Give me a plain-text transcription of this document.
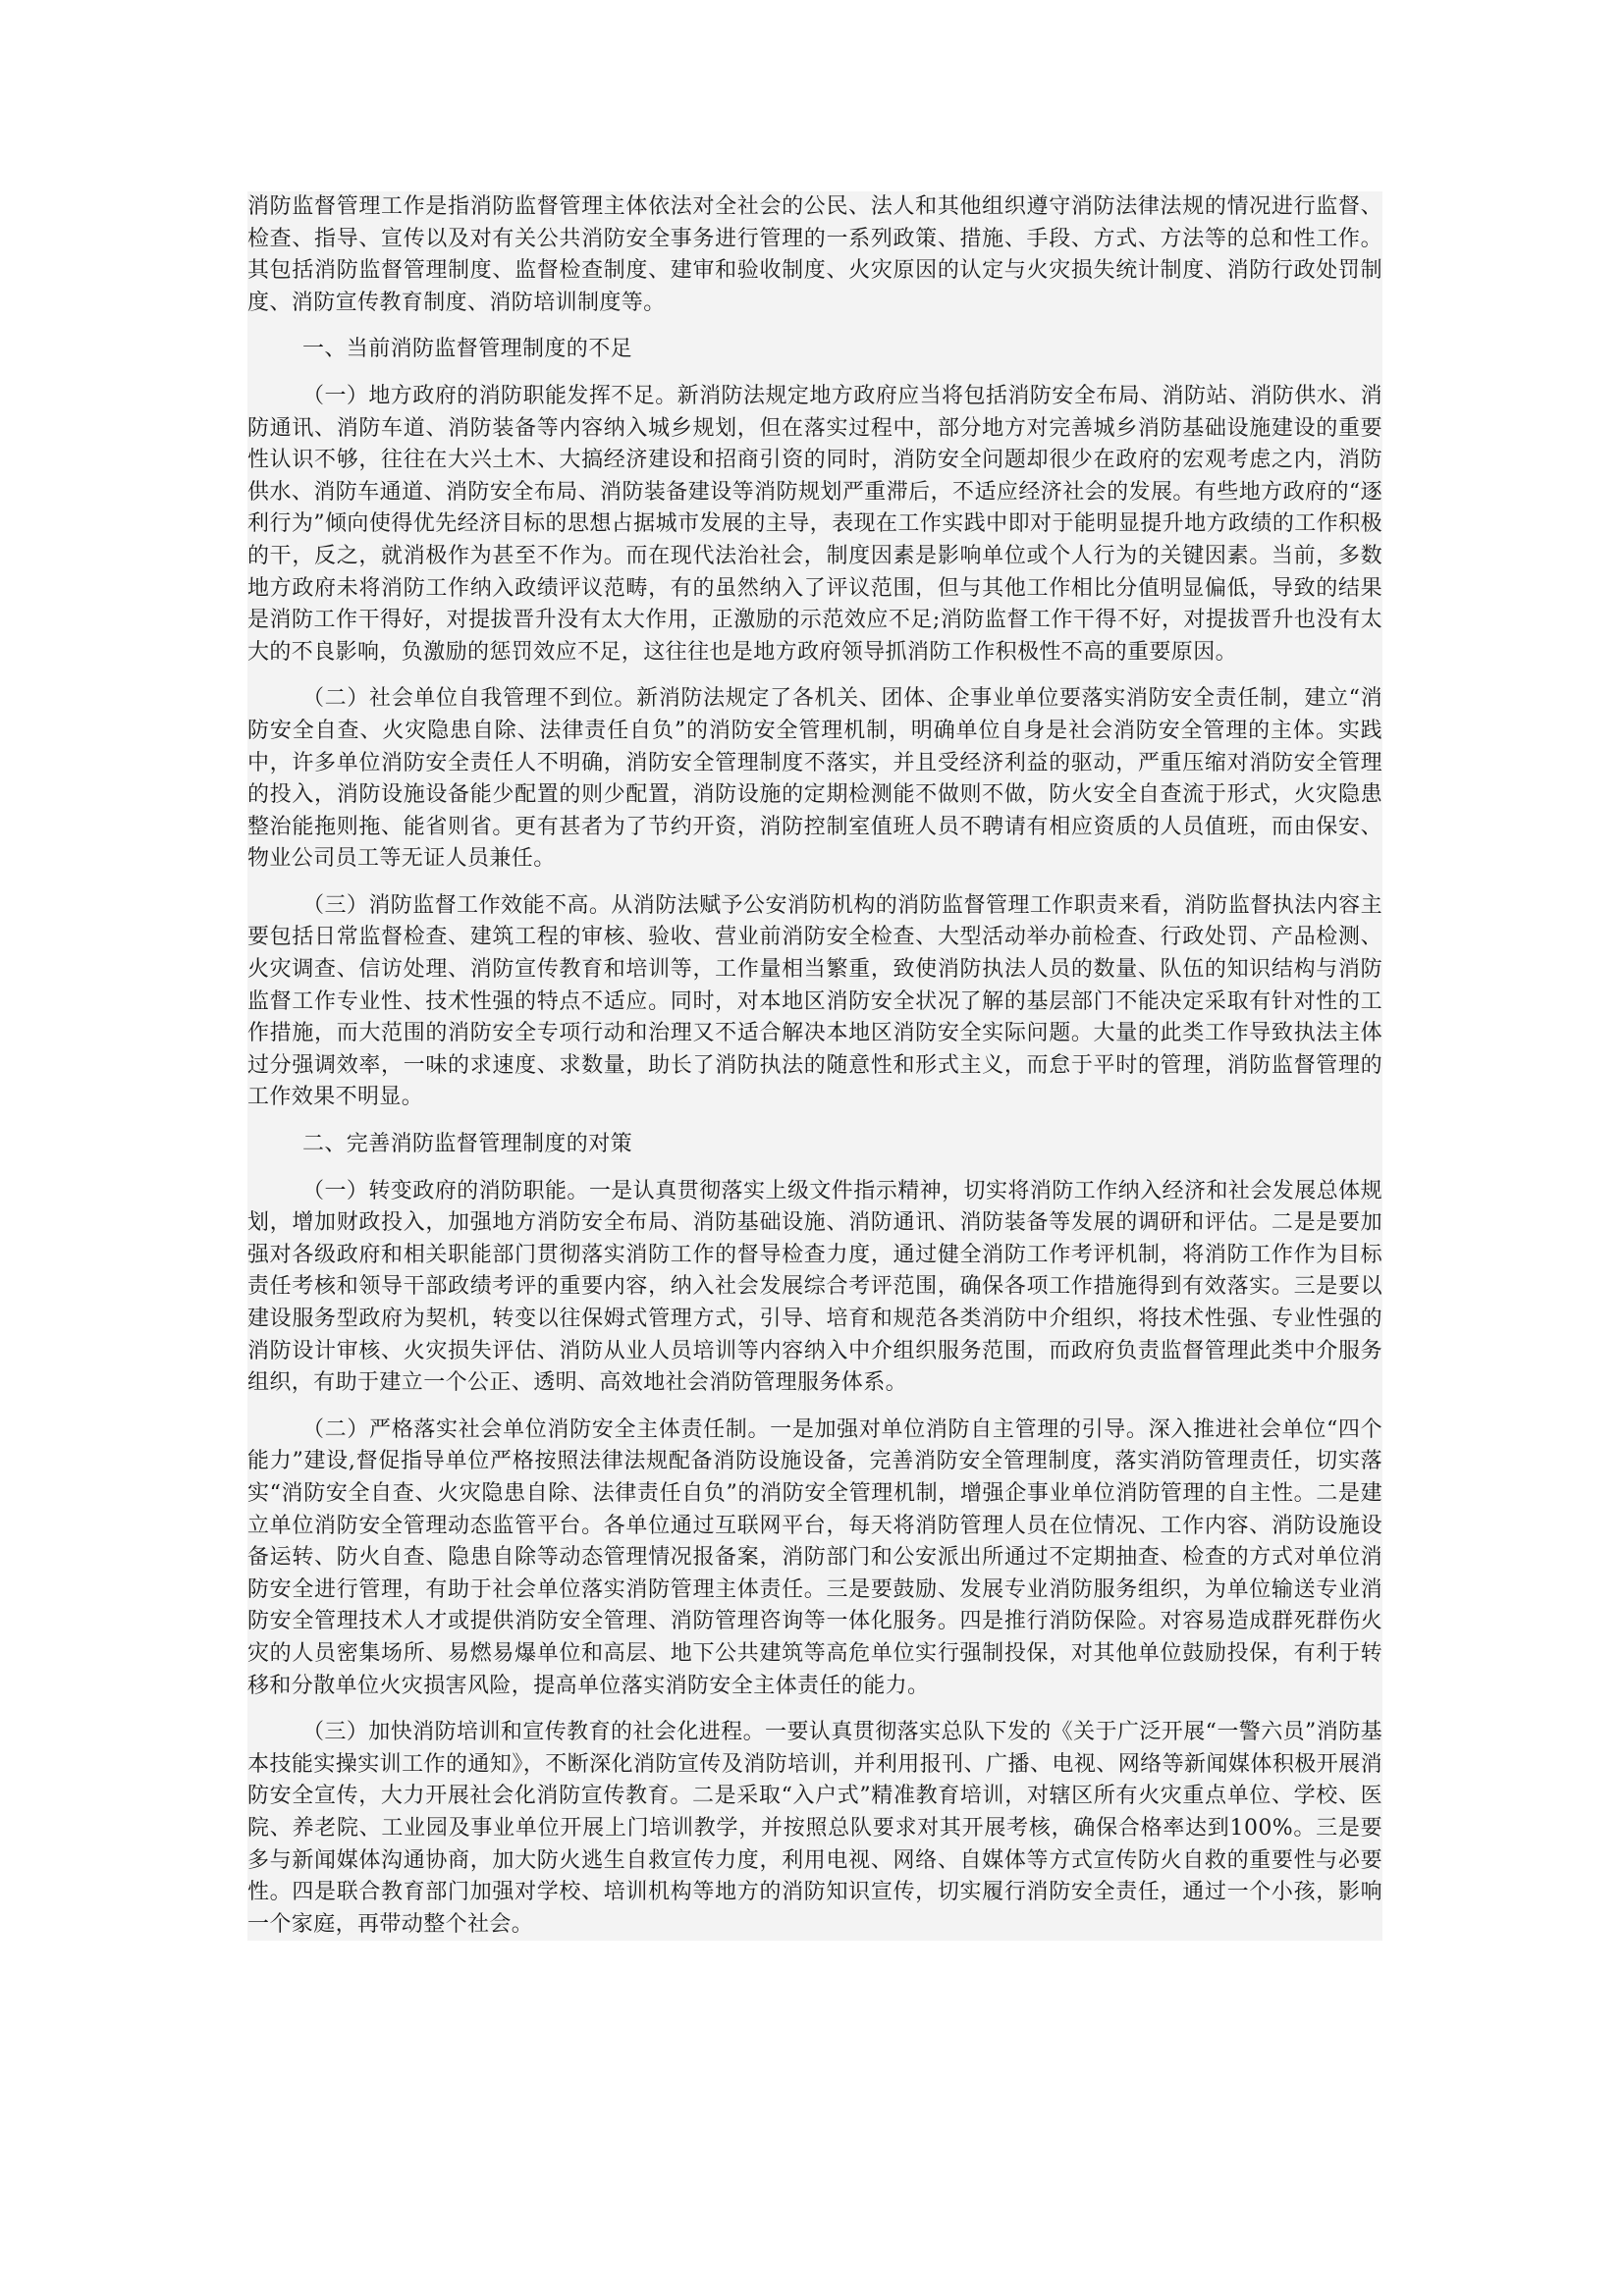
消防监督管理工作是指消防监督管理主体依法对全社会的公民、法人和其他组织遵守消防法律法规的情况进行监督、检查、指导、宣传以及对有关公共消防安全事务进行管理的一系列政策、措施、手段、方式、方法等的总和性工作。其包括消防监督管理制度、监督检查制度、建审和验收制度、火灾原因的认定与火灾损失统计制度、消防行政处罚制度、消防宣传教育制度、消防培训制度等。

一、当前消防监督管理制度的不足

（一）地方政府的消防职能发挥不足。新消防法规定地方政府应当将包括消防安全布局、消防站、消防供水、消防通讯、消防车道、消防装备等内容纳入城乡规划，但在落实过程中，部分地方对完善城乡消防基础设施建设的重要性认识不够，往往在大兴土木、大搞经济建设和招商引资的同时，消防安全问题却很少在政府的宏观考虑之内，消防供水、消防车通道、消防安全布局、消防装备建设等消防规划严重滞后，不适应经济社会的发展。有些地方政府的“逐利行为”倾向使得优先经济目标的思想占据城市发展的主导，表现在工作实践中即对于能明显提升地方政绩的工作积极的干，反之，就消极作为甚至不作为。而在现代法治社会，制度因素是影响单位或个人行为的关键因素。当前，多数地方政府未将消防工作纳入政绩评议范畴，有的虽然纳入了评议范围，但与其他工作相比分值明显偏低，导致的结果是消防工作干得好，对提拔晋升没有太大作用，正激励的示范效应不足;消防监督工作干得不好，对提拔晋升也没有太大的不良影响，负激励的惩罚效应不足，这往往也是地方政府领导抓消防工作积极性不高的重要原因。

（二）社会单位自我管理不到位。新消防法规定了各机关、团体、企事业单位要落实消防安全责任制，建立“消防安全自查、火灾隐患自除、法律责任自负”的消防安全管理机制，明确单位自身是社会消防安全管理的主体。实践中，许多单位消防安全责任人不明确，消防安全管理制度不落实，并且受经济利益的驱动，严重压缩对消防安全管理的投入，消防设施设备能少配置的则少配置，消防设施的定期检测能不做则不做，防火安全自查流于形式，火灾隐患整治能拖则拖、能省则省。更有甚者为了节约开资，消防控制室值班人员不聘请有相应资质的人员值班，而由保安、物业公司员工等无证人员兼任。

（三）消防监督工作效能不高。从消防法赋予公安消防机构的消防监督管理工作职责来看，消防监督执法内容主要包括日常监督检查、建筑工程的审核、验收、营业前消防安全检查、大型活动举办前检查、行政处罚、产品检测、火灾调查、信访处理、消防宣传教育和培训等，工作量相当繁重，致使消防执法人员的数量、队伍的知识结构与消防监督工作专业性、技术性强的特点不适应。同时，对本地区消防安全状况了解的基层部门不能决定采取有针对性的工作措施，而大范围的消防安全专项行动和治理又不适合解决本地区消防安全实际问题。大量的此类工作导致执法主体过分强调效率，一味的求速度、求数量，助长了消防执法的随意性和形式主义，而怠于平时的管理，消防监督管理的工作效果不明显。

二、完善消防监督管理制度的对策

（一）转变政府的消防职能。一是认真贯彻落实上级文件指示精神，切实将消防工作纳入经济和社会发展总体规划，增加财政投入，加强地方消防安全布局、消防基础设施、消防通讯、消防装备等发展的调研和评估。二是是要加强对各级政府和相关职能部门贯彻落实消防工作的督导检查力度，通过健全消防工作考评机制，将消防工作作为目标责任考核和领导干部政绩考评的重要内容，纳入社会发展综合考评范围，确保各项工作措施得到有效落实。三是要以建设服务型政府为契机，转变以往保姆式管理方式，引导、培育和规范各类消防中介组织，将技术性强、专业性强的消防设计审核、火灾损失评估、消防从业人员培训等内容纳入中介组织服务范围，而政府负责监督管理此类中介服务组织，有助于建立一个公正、透明、高效地社会消防管理服务体系。

（二）严格落实社会单位消防安全主体责任制。一是加强对单位消防自主管理的引导。深入推进社会单位“四个能力”建设,督促指导单位严格按照法律法规配备消防设施设备，完善消防安全管理制度，落实消防管理责任，切实落实“消防安全自查、火灾隐患自除、法律责任自负”的消防安全管理机制，增强企事业单位消防管理的自主性。二是建立单位消防安全管理动态监管平台。各单位通过互联网平台，每天将消防管理人员在位情况、工作内容、消防设施设备运转、防火自查、隐患自除等动态管理情况报备案，消防部门和公安派出所通过不定期抽查、检查的方式对单位消防安全进行管理，有助于社会单位落实消防管理主体责任。三是要鼓励、发展专业消防服务组织，为单位输送专业消防安全管理技术人才或提供消防安全管理、消防管理咨询等一体化服务。四是推行消防保险。对容易造成群死群伤火灾的人员密集场所、易燃易爆单位和高层、地下公共建筑等高危单位实行强制投保，对其他单位鼓励投保，有利于转移和分散单位火灾损害风险，提高单位落实消防安全主体责任的能力。

（三）加快消防培训和宣传教育的社会化进程。一要认真贯彻落实总队下发的《关于广泛开展“一警六员”消防基本技能实操实训工作的通知》，不断深化消防宣传及消防培训，并利用报刊、广播、电视、网络等新闻媒体积极开展消防安全宣传，大力开展社会化消防宣传教育。二是采取“入户式”精准教育培训，对辖区所有火灾重点单位、学校、医院、养老院、工业园及事业单位开展上门培训教学，并按照总队要求对其开展考核，确保合格率达到100%。三是要多与新闻媒体沟通协商，加大防火逃生自救宣传力度，利用电视、网络、自媒体等方式宣传防火自救的重要性与必要性。四是联合教育部门加强对学校、培训机构等地方的消防知识宣传，切实履行消防安全责任，通过一个小孩，影响一个家庭，再带动整个社会。
